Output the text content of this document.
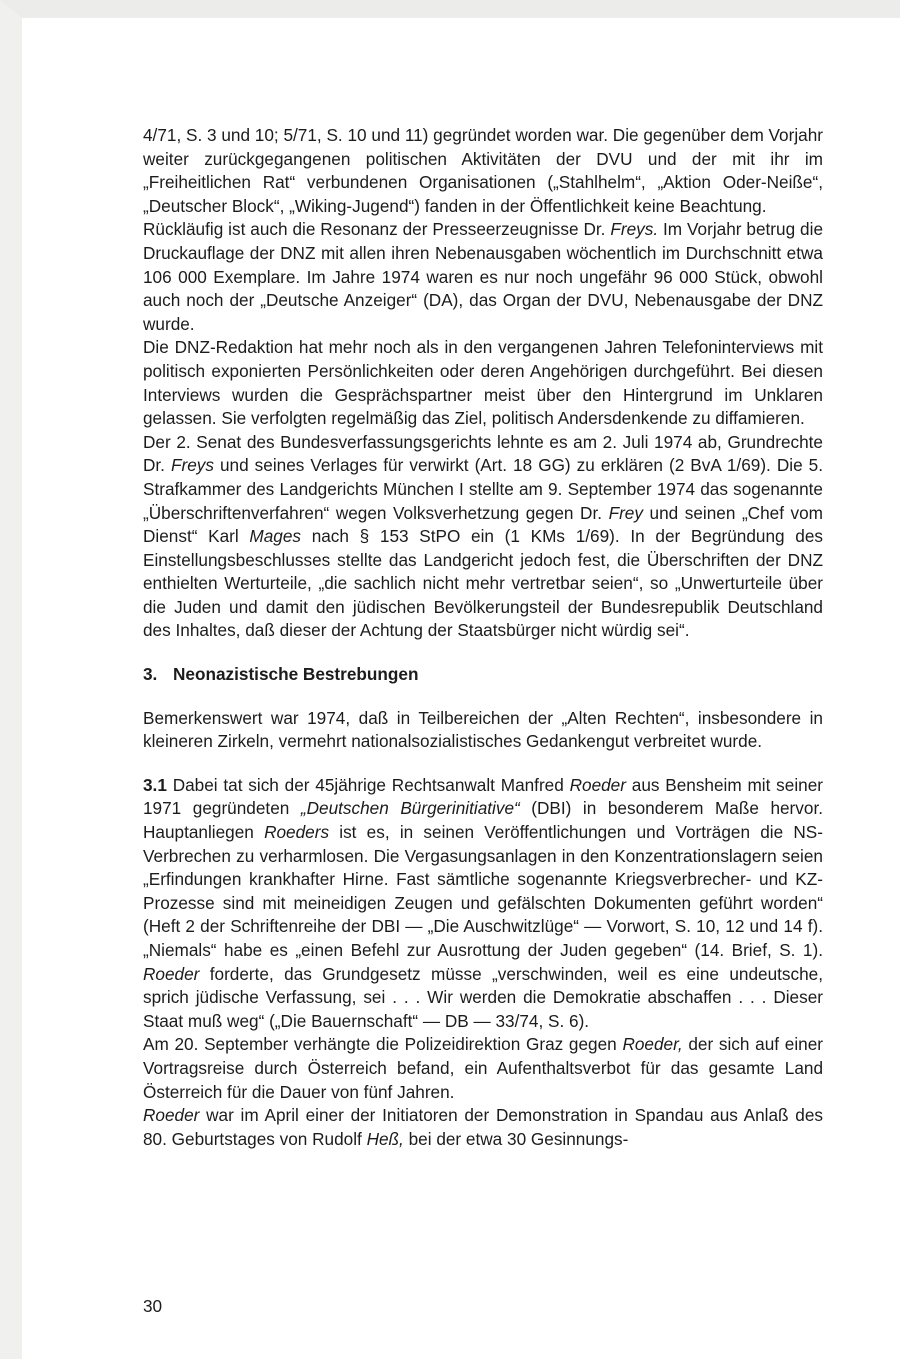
4/71, S. 3 und 10; 5/71, S. 10 und 11) gegründet worden war. Die gegenüber dem Vorjahr weiter zurückgegangenen politischen Aktivitäten der DVU und der mit ihr im „Freiheitlichen Rat“ verbundenen Organisationen („Stahlhelm“, „Aktion Oder-Neiße“, „Deutscher Block“, „Wiking-Jugend“) fanden in der Öffentlichkeit keine Beachtung.

Rückläufig ist auch die Resonanz der Presseerzeugnisse Dr. Freys. Im Vorjahr betrug die Druckauflage der DNZ mit allen ihren Nebenausgaben wöchentlich im Durchschnitt etwa 106 000 Exemplare. Im Jahre 1974 waren es nur noch ungefähr 96 000 Stück, obwohl auch noch der „Deutsche Anzeiger“ (DA), das Organ der DVU, Nebenausgabe der DNZ wurde.

Die DNZ-Redaktion hat mehr noch als in den vergangenen Jahren Telefoninterviews mit politisch exponierten Persönlichkeiten oder deren Angehörigen durchgeführt. Bei diesen Interviews wurden die Gesprächspartner meist über den Hintergrund im Unklaren gelassen. Sie verfolgten regelmäßig das Ziel, politisch Andersdenkende zu diffamieren.

Der 2. Senat des Bundesverfassungsgerichts lehnte es am 2. Juli 1974 ab, Grundrechte Dr. Freys und seines Verlages für verwirkt (Art. 18 GG) zu erklären (2 BvA 1/69). Die 5. Strafkammer des Landgerichts München I stellte am 9. September 1974 das sogenannte „Überschriftenverfahren“ wegen Volksverhetzung gegen Dr. Frey und seinen „Chef vom Dienst“ Karl Mages nach § 153 StPO ein (1 KMs 1/69). In der Begründung des Einstellungsbeschlusses stellte das Landgericht jedoch fest, die Überschriften der DNZ enthielten Werturteile, „die sachlich nicht mehr vertretbar seien“, so „Unwerturteile über die Juden und damit den jüdischen Bevölkerungsteil der Bundesrepublik Deutschland des Inhaltes, daß dieser der Achtung der Staatsbürger nicht würdig sei“.

3. Neonazistische Bestrebungen

Bemerkenswert war 1974, daß in Teilbereichen der „Alten Rechten“, insbesondere in kleineren Zirkeln, vermehrt nationalsozialistisches Gedankengut verbreitet wurde.

3.1 Dabei tat sich der 45jährige Rechtsanwalt Manfred Roeder aus Bensheim mit seiner 1971 gegründeten „Deutschen Bürgerinitiative“ (DBI) in besonderem Maße hervor. Hauptanliegen Roeders ist es, in seinen Veröffentlichungen und Vorträgen die NS-Verbrechen zu verharmlosen. Die Vergasungsanlagen in den Konzentrationslagern seien „Erfindungen krankhafter Hirne. Fast sämtliche sogenannte Kriegsverbrecher- und KZ-Prozesse sind mit meineidigen Zeugen und gefälschten Dokumenten geführt worden“ (Heft 2 der Schriftenreihe der DBI — „Die Auschwitzlüge“ — Vorwort, S. 10, 12 und 14 f). „Niemals“ habe es „einen Befehl zur Ausrottung der Juden gegeben“ (14. Brief, S. 1). Roeder forderte, das Grundgesetz müsse „verschwinden, weil es eine undeutsche, sprich jüdische Verfassung, sei . . . Wir werden die Demokratie abschaffen . . . Dieser Staat muß weg“ („Die Bauernschaft“ — DB — 33/74, S. 6).

Am 20. September verhängte die Polizeidirektion Graz gegen Roeder, der sich auf einer Vortragsreise durch Österreich befand, ein Aufenthaltsverbot für das gesamte Land Österreich für die Dauer von fünf Jahren.

Roeder war im April einer der Initiatoren der Demonstration in Spandau aus Anlaß des 80. Geburtstages von Rudolf Heß, bei der etwa 30 Gesinnungs-

30
